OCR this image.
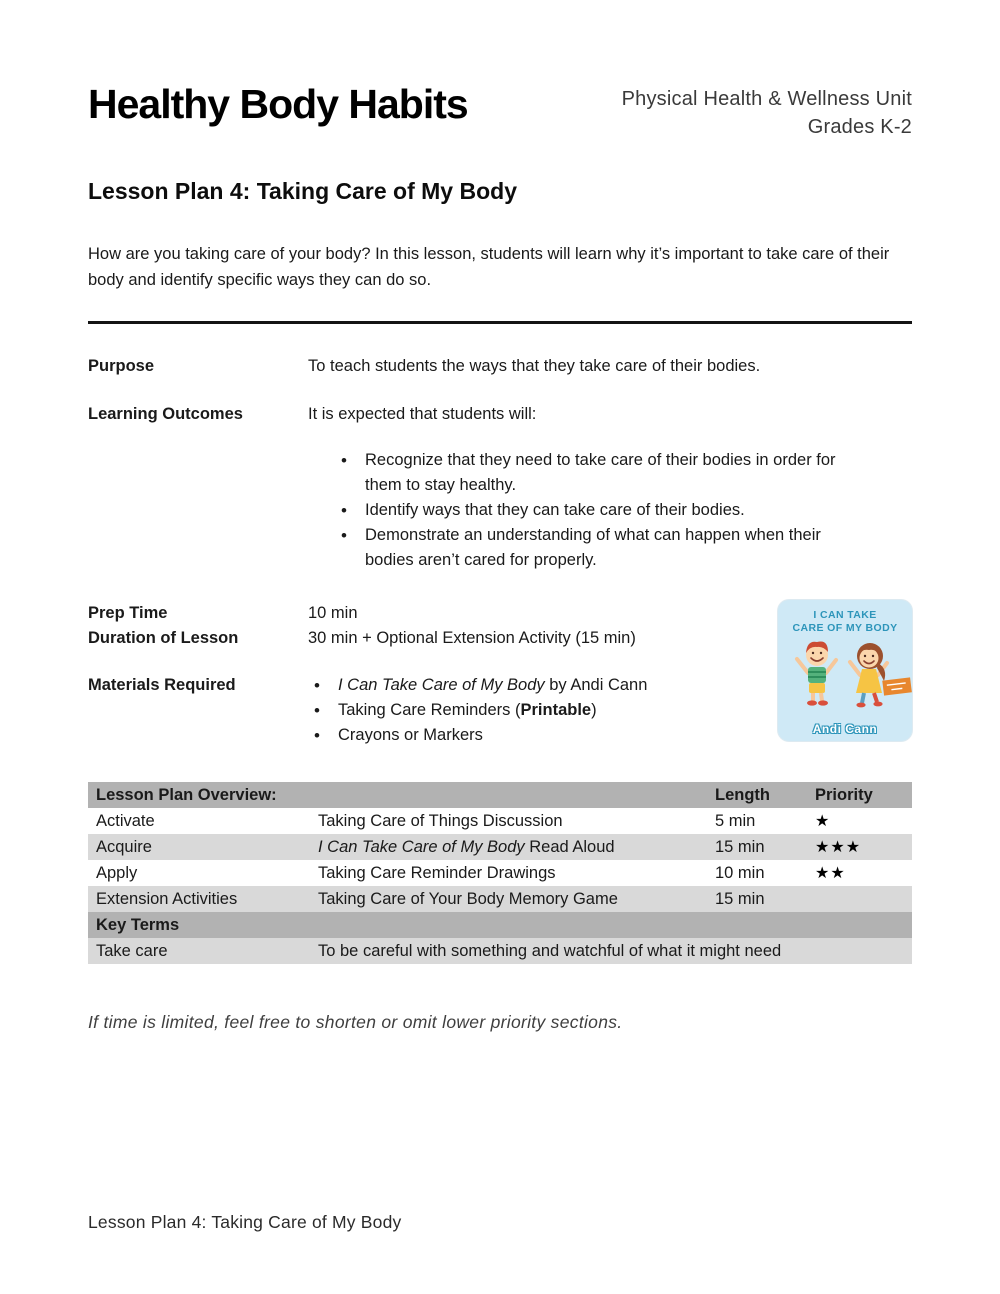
Healthy Body Habits	Physical Health & Wellness Unit
Grades K-2
Lesson Plan 4: Taking Care of My Body

How are you taking care of your body? In this lesson, students will learn why it’s important to take care of their body and identify specific ways they can do so.

Purpose	To teach students the ways that they take care of their bodies.
Learning Outcomes	It is expected that students will:
• Recognize that they need to take care of their bodies in order for them to stay healthy.
• Identify ways that they can take care of their bodies.
• Demonstrate an understanding of what can happen when their bodies aren’t cared for properly.
Prep Time	10 min
Duration of Lesson	30 min + Optional Extension Activity (15 min)
Materials Required	• I Can Take Care of My Body by Andi Cann
• Taking Care Reminders (Printable)
• Crayons or Markers
I CAN TAKE
CARE OF MY BODY
Andi Cann
Lesson Plan Overview:		Length	Priority
Activate	Taking Care of Things Discussion	5 min	★
Acquire	I Can Take Care of My Body Read Aloud	15 min	★★★
Apply	Taking Care Reminder Drawings	10 min	★★
Extension Activities	Taking Care of Your Body Memory Game	15 min	
Key Terms			
Take care	To be careful with something and watchful of what it might need		

If time is limited, feel free to shorten or omit lower priority sections.

Lesson Plan 4: Taking Care of My Body
